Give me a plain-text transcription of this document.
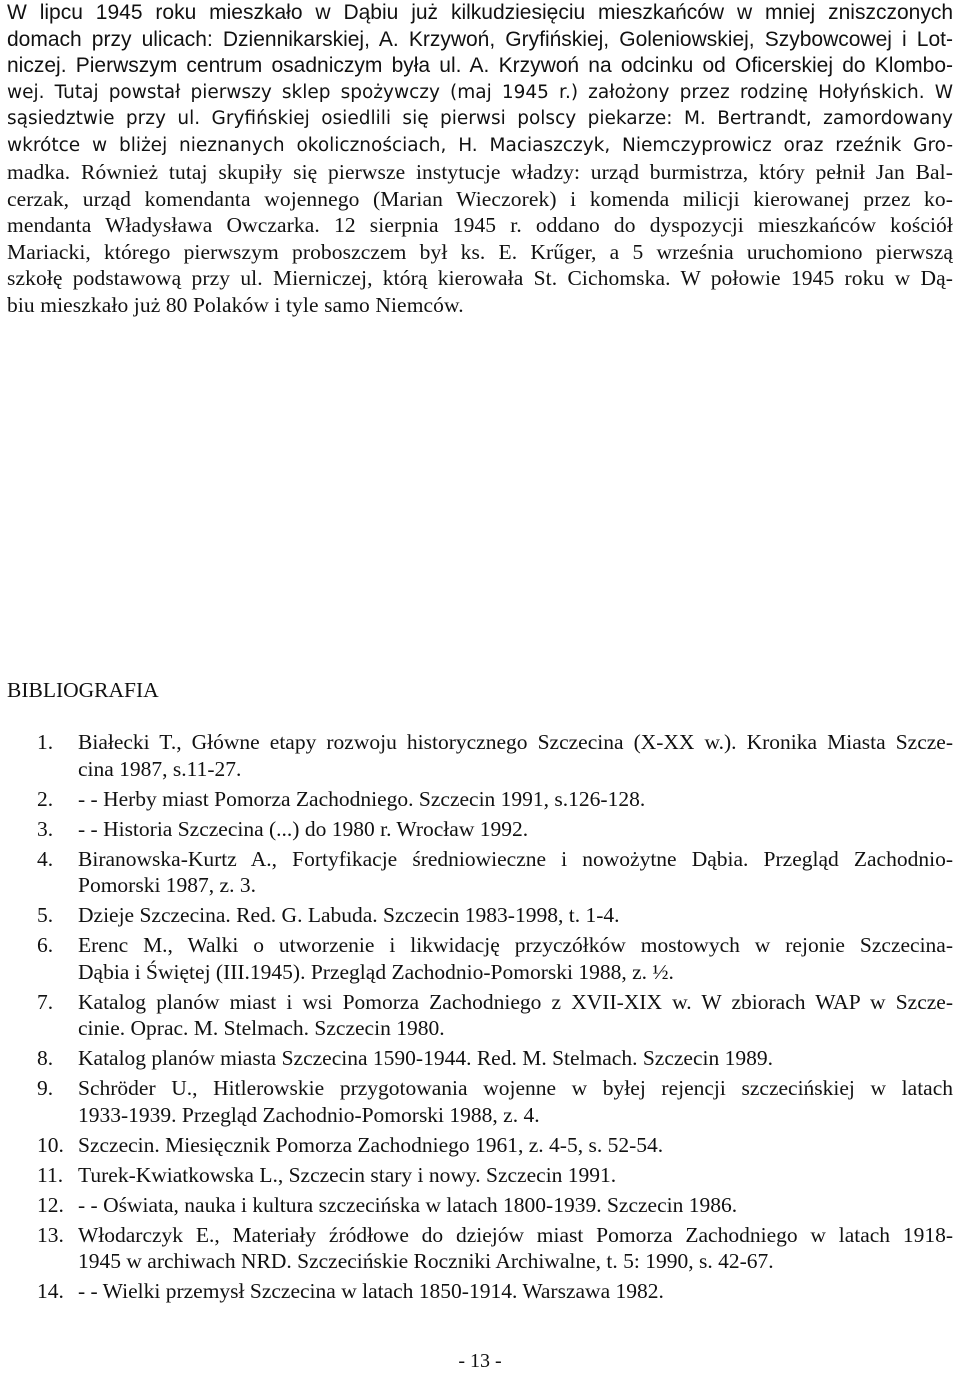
W lipcu 1945 roku mieszkało w Dąbiu już kilkudziesięciu mieszkańców w mniej zniszczonych
domach przy ulicach: Dziennikarskiej, A. Krzywoń, Gryfińskiej, Goleniowskiej, Szybowcowej i Lot-
niczej. Pierwszym centrum osadniczym była ul. A. Krzywoń na odcinku od Oficerskiej do Klombo-
wej. Tutaj powstał pierwszy sklep spożywczy (maj 1945 r.) założony przez rodzinę Hołyńskich. W
sąsiedztwie przy ul. Gryfińskiej osiedlili się pierwsi polscy piekarze: M. Bertrandt, zamordowany
wkrótce w bliżej nieznanych okolicznościach, H. Maciaszczyk, Niemczyprowicz oraz rzeźnik Gro-
madka. Również tutaj skupiły się pierwsze instytucje władzy: urząd burmistrza, który pełnił Jan Bal-
cerzak, urząd komendanta wojennego (Marian Wieczorek) i komenda milicji kierowanej przez ko-
mendanta Władysława Owczarka. 12 sierpnia 1945 r. oddano do dyspozycji mieszkańców kościół
Mariacki, którego pierwszym proboszczem był ks. E. Krűger, a 5 września uruchomiono pierwszą
szkołę podstawową przy ul. Mierniczej, którą kierowała St. Cichomska. W połowie 1945 roku w Dą-
biu mieszkało już 80 Polaków i tyle samo Niemców.
BIBLIOGRAFIA
1. Białecki T., Główne etapy rozwoju historycznego Szczecina (X-XX w.). Kronika Miasta Szcze-
cina 1987, s.11-27.
2. - - Herby miast Pomorza Zachodniego. Szczecin 1991, s.126-128.
3. - - Historia Szczecina (...) do 1980 r. Wrocław 1992.
4. Biranowska-Kurtz A., Fortyfikacje średniowieczne i nowożytne Dąbia. Przegląd Zachodnio-
Pomorski 1987, z. 3.
5. Dzieje Szczecina. Red. G. Labuda. Szczecin 1983-1998, t. 1-4.
6. Erenc M., Walki o utworzenie i likwidację przyczółków mostowych w rejonie Szczecina-
Dąbia i Świętej (III.1945). Przegląd Zachodnio-Pomorski 1988, z. ½.
7. Katalog planów miast i wsi Pomorza Zachodniego z XVII-XIX w. W zbiorach WAP w Szcze-
cinie. Oprac. M. Stelmach. Szczecin 1980.
8. Katalog planów miasta Szczecina 1590-1944. Red. M. Stelmach. Szczecin 1989.
9. Schröder U., Hitlerowskie przygotowania wojenne w byłej rejencji szczecińskiej w latach
1933-1939. Przegląd Zachodnio-Pomorski 1988, z. 4.
10. Szczecin. Miesięcznik Pomorza Zachodniego 1961, z. 4-5, s. 52-54.
11. Turek-Kwiatkowska L., Szczecin stary i nowy. Szczecin 1991.
12. - - Oświata, nauka i kultura szczecińska w latach 1800-1939. Szczecin 1986.
13. Włodarczyk E., Materiały źródłowe do dziejów miast Pomorza Zachodniego w latach 1918-
1945 w archiwach NRD. Szczecińskie Roczniki Archiwalne, t. 5: 1990, s. 42-67.
14. - - Wielki przemysł Szczecina w latach 1850-1914. Warszawa 1982.

- 13 -
